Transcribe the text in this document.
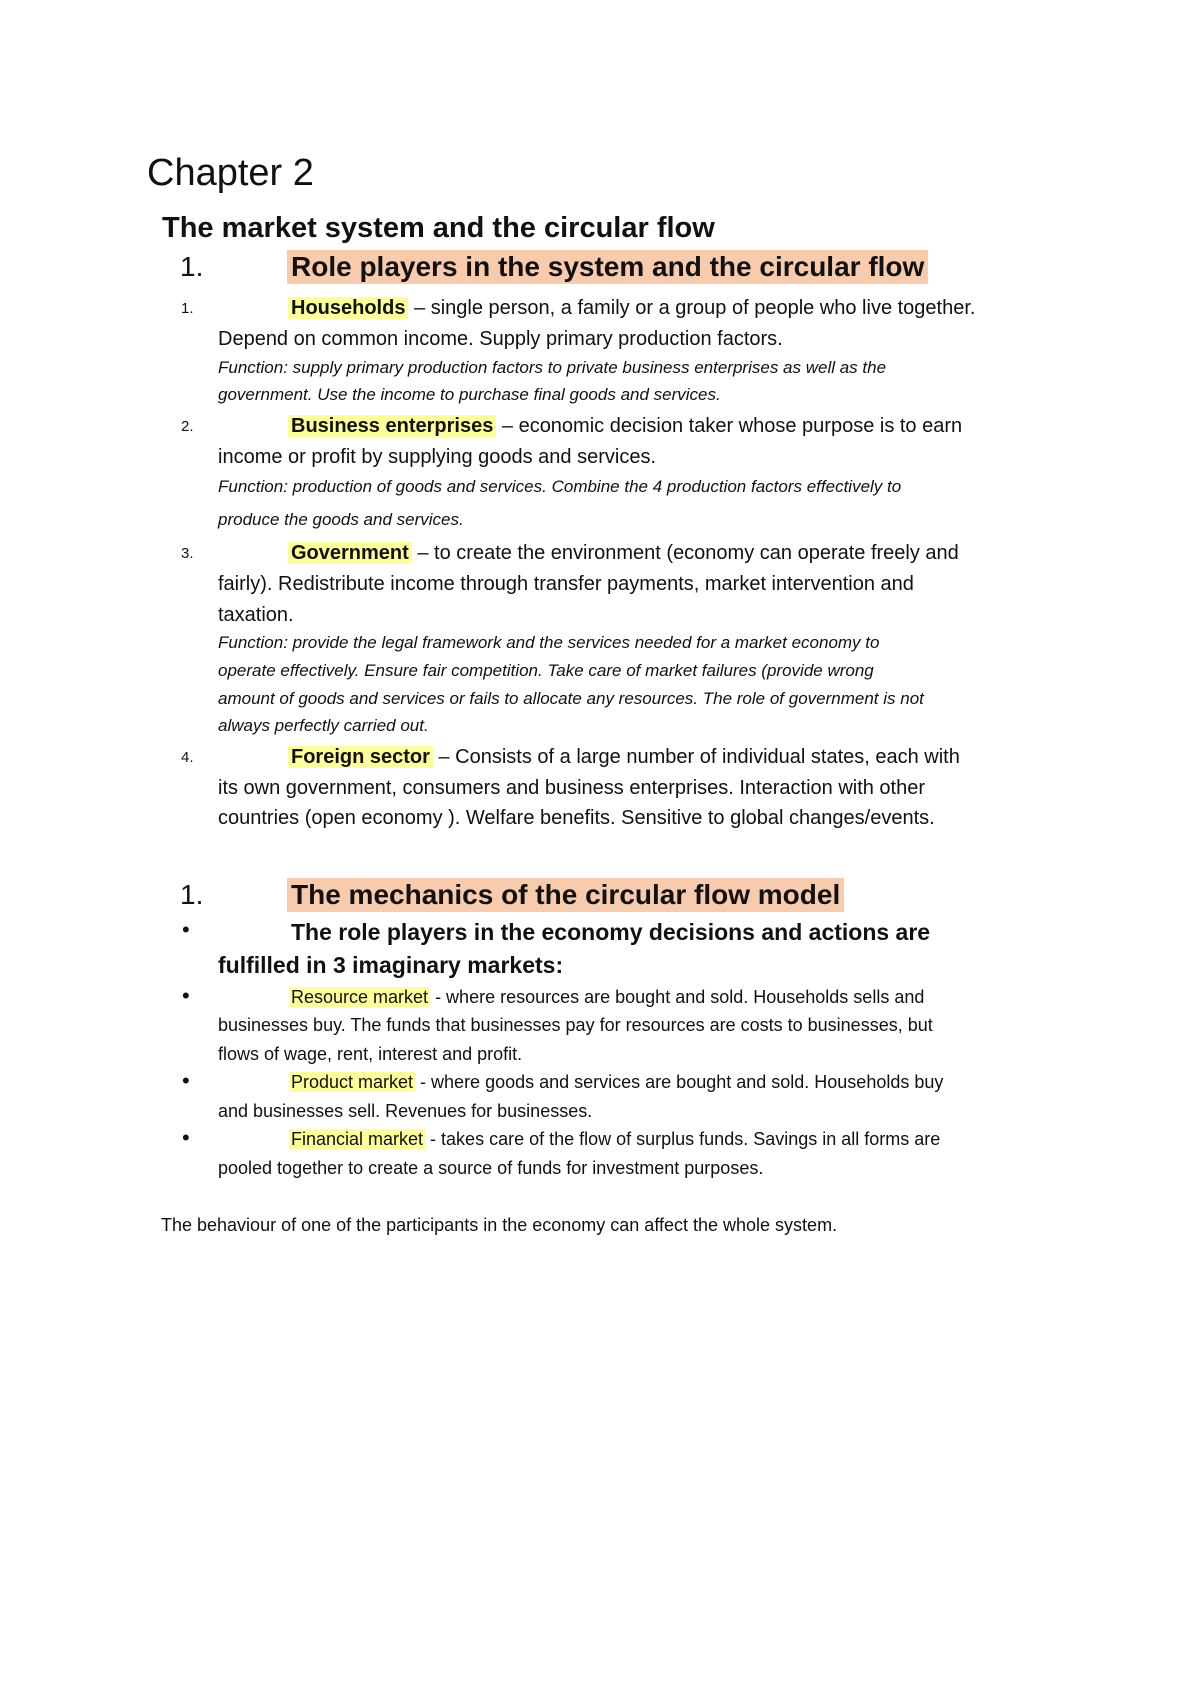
Chapter 2
The market system and the circular flow
1.	Role players in the system and the circular flow
1.	Households – single person, a family or a group of people who live together.
Depend on common income. Supply primary production factors.
Function: supply primary production factors to private business enterprises as well as the
government. Use the income to purchase final goods and services.
2.	Business enterprises – economic decision taker whose purpose is to earn
income or profit by supplying goods and services.
Function: production of goods and services. Combine the 4 production factors effectively to
produce the goods and services.
3.	Government – to create the environment (economy can operate freely and
fairly). Redistribute income through transfer payments, market intervention and
taxation.
Function: provide the legal framework and the services needed for a market economy to
operate effectively. Ensure fair competition. Take care of market failures (provide wrong
amount of goods and services or fails to allocate any resources. The role of government is not
always perfectly carried out.
4.	Foreign sector – Consists of a large number of individual states, each with
its own government, consumers and business enterprises. Interaction with other
countries (open economy ). Welfare benefits. Sensitive to global changes/events.
1.	The mechanics of the circular flow model
•	The role players in the economy decisions and actions are
fulfilled in 3 imaginary markets:
•	Resource market - where resources are bought and sold. Households sells and
businesses buy. The funds that businesses pay for resources are costs to businesses, but
flows of wage, rent, interest and profit.
•	Product market - where goods and services are bought and sold. Households buy
and businesses sell. Revenues for businesses.
•	Financial market - takes care of the flow of surplus funds. Savings in all forms are
pooled together to create a source of funds for investment purposes.
The behaviour of one of the participants in the economy can affect the whole system.
